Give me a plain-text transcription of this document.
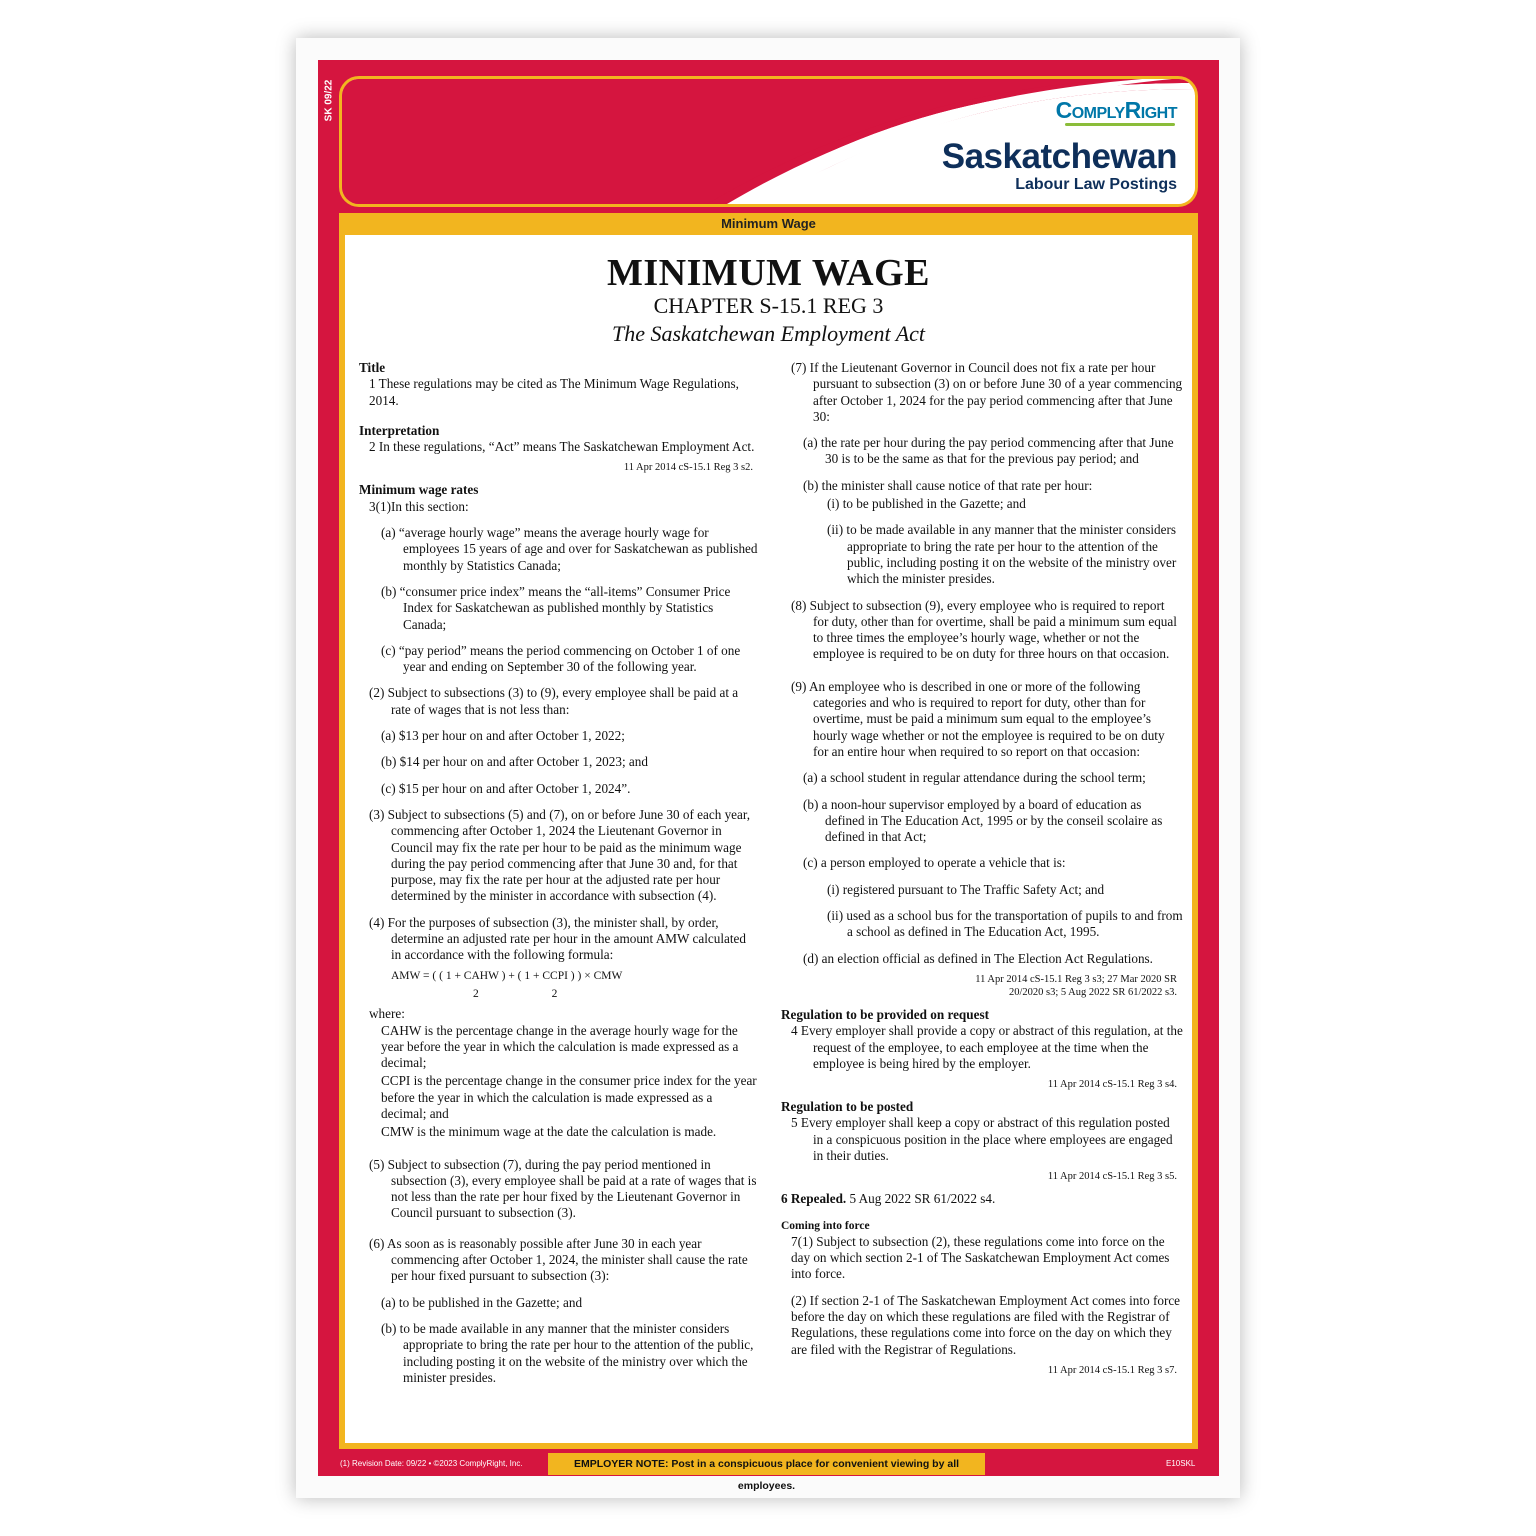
SK 09/22	ComplyRight
Saskatchewan
Labour Law Postings
Minimum Wage
MINIMUM WAGE
CHAPTER S-15.1 REG 3
The Saskatchewan Employment Act
Title
1 These regulations may be cited as The Minimum Wage Regulations, 2014.
Interpretation
2 In these regulations, “Act” means The Saskatchewan Employment Act.
11 Apr 2014 cS-15.1 Reg 3 s2.
Minimum wage rates
3(1)In this section:
(a) “average hourly wage” means the average hourly wage for employees 15 years of age and over for Saskatchewan as published monthly by Statistics Canada;
(b) “consumer price index” means the “all-items” Consumer Price Index for Saskatchewan as published monthly by Statistics Canada;
(c) “pay period” means the period commencing on October 1 of one year and ending on September 30 of the following year.
(2) Subject to subsections (3) to (9), every employee shall be paid at a rate of wages that is not less than:
(a) $13 per hour on and after October 1, 2022;
(b) $14 per hour on and after October 1, 2023; and
(c) $15 per hour on and after October 1, 2024”.
(3) Subject to subsections (5) and (7), on or before June 30 of each year, commencing after October 1, 2024 the Lieutenant Governor in Council may fix the rate per hour to be paid as the minimum wage during the pay period commencing after that June 30 and, for that purpose, may fix the rate per hour at the adjusted rate per hour determined by the minister in accordance with subsection (4).
(4) For the purposes of subsection (3), the minister shall, by order, determine an adjusted rate per hour in the amount AMW calculated in accordance with the following formula:
AMW = ( ( 1 + CAHW ) + ( 1 + CCPI ) ) × CMW
2	2
where:
CAHW is the percentage change in the average hourly wage for the year before the year in which the calculation is made expressed as a decimal;
CCPI is the percentage change in the consumer price index for the year before the year in which the calculation is made expressed as a decimal; and
CMW is the minimum wage at the date the calculation is made.
(5) Subject to subsection (7), during the pay period mentioned in subsection (3), every employee shall be paid at a rate of wages that is not less than the rate per hour fixed by the Lieutenant Governor in Council pursuant to subsection (3).
(6) As soon as is reasonably possible after June 30 in each year commencing after October 1, 2024, the minister shall cause the rate per hour fixed pursuant to subsection (3):
(a) to be published in the Gazette; and
(b) to be made available in any manner that the minister considers appropriate to bring the rate per hour to the attention of the public, including posting it on the website of the ministry over which the minister presides.
(7) If the Lieutenant Governor in Council does not fix a rate per hour pursuant to subsection (3) on or before June 30 of a year commencing after October 1, 2024 for the pay period commencing after that June 30:
(a) the rate per hour during the pay period commencing after that June 30 is to be the same as that for the previous pay period; and
(b) the minister shall cause notice of that rate per hour:
(i) to be published in the Gazette; and
(ii) to be made available in any manner that the minister considers appropriate to bring the rate per hour to the attention of the public, including posting it on the website of the ministry over which the minister presides.
(8) Subject to subsection (9), every employee who is required to report for duty, other than for overtime, shall be paid a minimum sum equal to three times the employee’s hourly wage, whether or not the employee is required to be on duty for three hours on that occasion.
(9) An employee who is described in one or more of the following categories and who is required to report for duty, other than for overtime, must be paid a minimum sum equal to the employee’s hourly wage whether or not the employee is required to be on duty for an entire hour when required to so report on that occasion:
(a) a school student in regular attendance during the school term;
(b) a noon-hour supervisor employed by a board of education as defined in The Education Act, 1995 or by the conseil scolaire as defined in that Act;
(c) a person employed to operate a vehicle that is:
(i) registered pursuant to The Traffic Safety Act; and
(ii) used as a school bus for the transportation of pupils to and from a school as defined in The Education Act, 1995.
(d) an election official as defined in The Election Act Regulations.
11 Apr 2014 cS-15.1 Reg 3 s3; 27 Mar 2020 SR 20/2020 s3; 5 Aug 2022 SR 61/2022 s3.
Regulation to be provided on request
4 Every employer shall provide a copy or abstract of this regulation, at the request of the employee, to each employee at the time when the employee is being hired by the employer.
11 Apr 2014 cS-15.1 Reg 3 s4.
Regulation to be posted
5 Every employer shall keep a copy or abstract of this regulation posted in a conspicuous position in the place where employees are engaged in their duties.
11 Apr 2014 cS-15.1 Reg 3 s5.
6 Repealed. 5 Aug 2022 SR 61/2022 s4.
Coming into force
7(1) Subject to subsection (2), these regulations come into force on the day on which section 2-1 of The Saskatchewan Employment Act comes into force.
(2) If section 2-1 of The Saskatchewan Employment Act comes into force before the day on which these regulations are filed with the Registrar of Regulations, these regulations come into force on the day on which they are filed with the Registrar of Regulations.
11 Apr 2014 cS-15.1 Reg 3 s7.
(1) Revision Date: 09/22 • ©2023 ComplyRight, Inc.	EMPLOYER NOTE: Post in a conspicuous place for convenient viewing by all employees.
E10SKL
